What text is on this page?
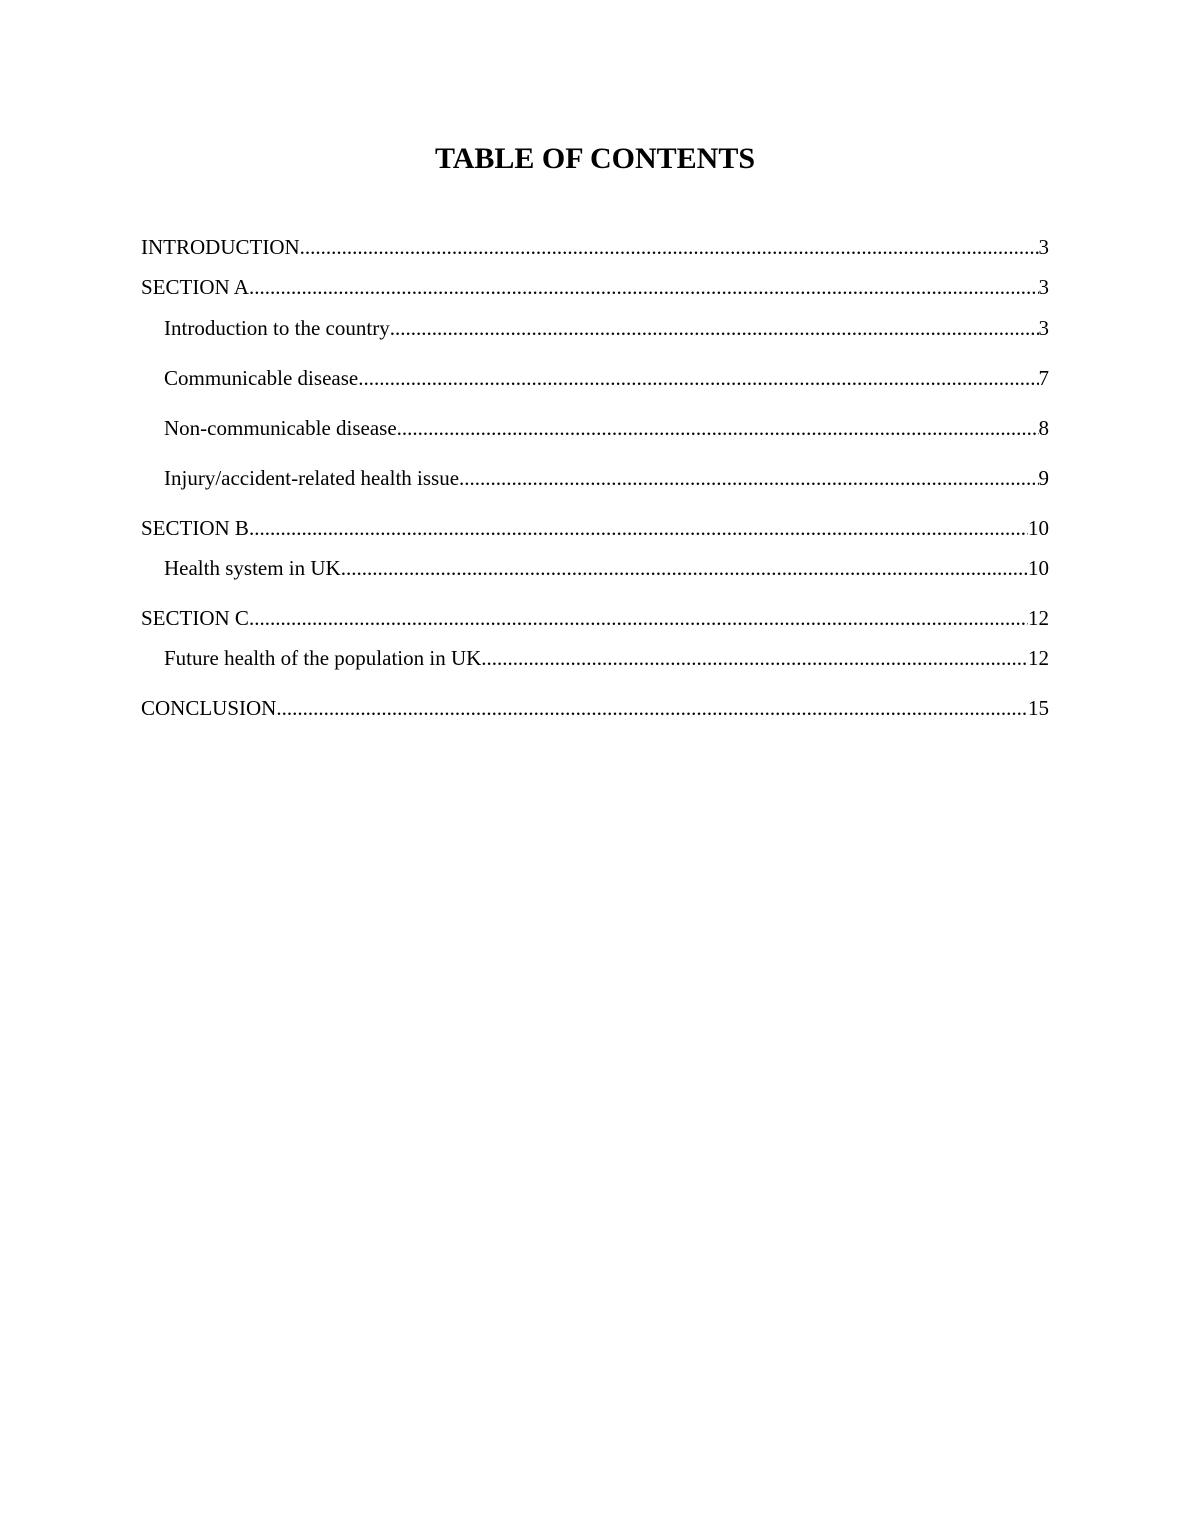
TABLE OF CONTENTS
INTRODUCTION .....	3
SECTION A .....	3
Introduction to the country .....	3
Communicable disease .....	7
Non-communicable disease .....	8
Injury/accident-related health issue .....	9
SECTION B .....	10
Health system in UK .....	10
SECTION C .....	12
Future health of the population in UK .....	12
CONCLUSION .....	15
